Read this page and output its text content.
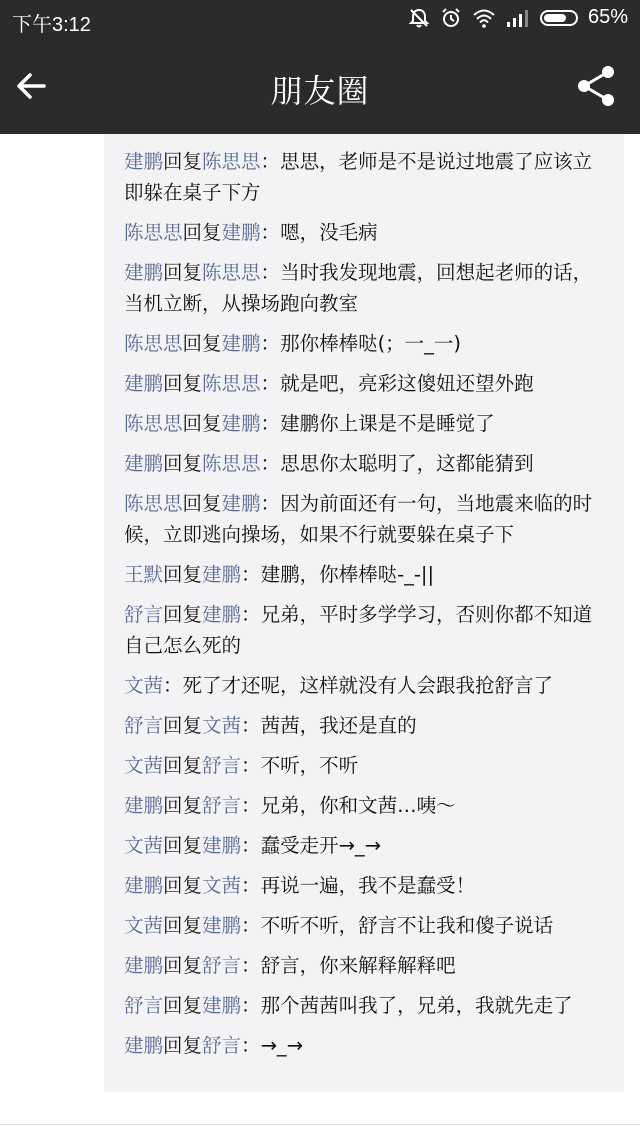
下午3:12	65%
朋友圈
建鹏回复陈思思：思思，老师是不是说过地震了应该立即躲在桌子下方
陈思思回复建鹏：嗯，没毛病
建鹏回复陈思思：当时我发现地震，回想起老师的话，当机立断，从操场跑向教室
陈思思回复建鹏：那你棒棒哒(；一_一)
建鹏回复陈思思：就是吧，亮彩这傻妞还望外跑
陈思思回复建鹏：建鹏你上课是不是睡觉了
建鹏回复陈思思：思思你太聪明了，这都能猜到
陈思思回复建鹏：因为前面还有一句，当地震来临的时候，立即逃向操场，如果不行就要躲在桌子下
王默回复建鹏：建鹏，你棒棒哒-_-||
舒言回复建鹏：兄弟，平时多学学习，否则你都不知道自己怎么死的
文茜：死了才还呢，这样就没有人会跟我抢舒言了
舒言回复文茜：茜茜，我还是直的
文茜回复舒言：不听，不听
建鹏回复舒言：兄弟，你和文茜…咦～
文茜回复建鹏：蠢受走开→_→
建鹏回复文茜：再说一遍，我不是蠢受！
文茜回复建鹏：不听不听，舒言不让我和傻子说话
建鹏回复舒言：舒言，你来解释解释吧
舒言回复建鹏：那个茜茜叫我了，兄弟，我就先走了
建鹏回复舒言：→_→
